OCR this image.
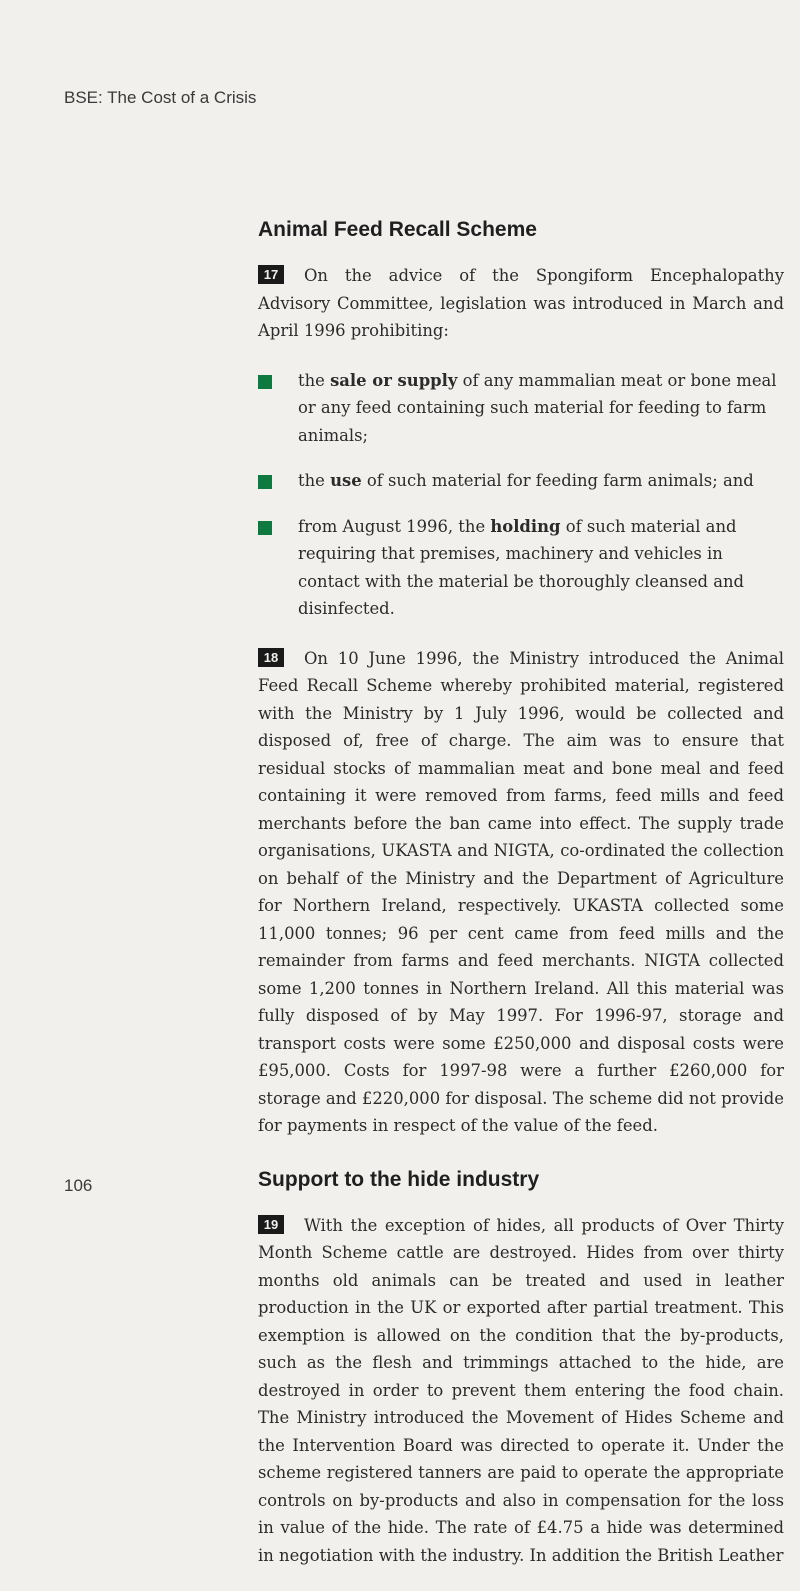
BSE: The Cost of a Crisis
Animal Feed Recall Scheme

17 On the advice of the Spongiform Encephalopathy Advisory Committee, legislation was introduced in March and April 1996 prohibiting:

the sale or supply of any mammalian meat or bone meal or any feed containing such material for feeding to farm animals;
the use of such material for feeding farm animals; and
from August 1996, the holding of such material and requiring that premises, machinery and vehicles in contact with the material be thoroughly cleansed and disinfected.

18 On 10 June 1996, the Ministry introduced the Animal Feed Recall Scheme whereby prohibited material, registered with the Ministry by 1 July 1996, would be collected and disposed of, free of charge. The aim was to ensure that residual stocks of mammalian meat and bone meal and feed containing it were removed from farms, feed mills and feed merchants before the ban came into effect. The supply trade organisations, UKASTA and NIGTA, co-ordinated the collection on behalf of the Ministry and the Department of Agriculture for Northern Ireland, respectively. UKASTA collected some 11,000 tonnes; 96 per cent came from feed mills and the remainder from farms and feed merchants. NIGTA collected some 1,200 tonnes in Northern Ireland. All this material was fully disposed of by May 1997. For 1996-97, storage and transport costs were some £250,000 and disposal costs were £95,000. Costs for 1997-98 were a further £260,000 for storage and £220,000 for disposal. The scheme did not provide for payments in respect of the value of the feed.

Support to the hide industry

19 With the exception of hides, all products of Over Thirty Month Scheme cattle are destroyed. Hides from over thirty months old animals can be treated and used in leather production in the UK or exported after partial treatment. This exemption is allowed on the condition that the by-products, such as the flesh and trimmings attached to the hide, are destroyed in order to prevent them entering the food chain. The Ministry introduced the Movement of Hides Scheme and the Intervention Board was directed to operate it. Under the scheme registered tanners are paid to operate the appropriate controls on by-products and also in compensation for the loss in value of the hide. The rate of £4.75 a hide was determined in negotiation with the industry. In addition the British Leather

106
